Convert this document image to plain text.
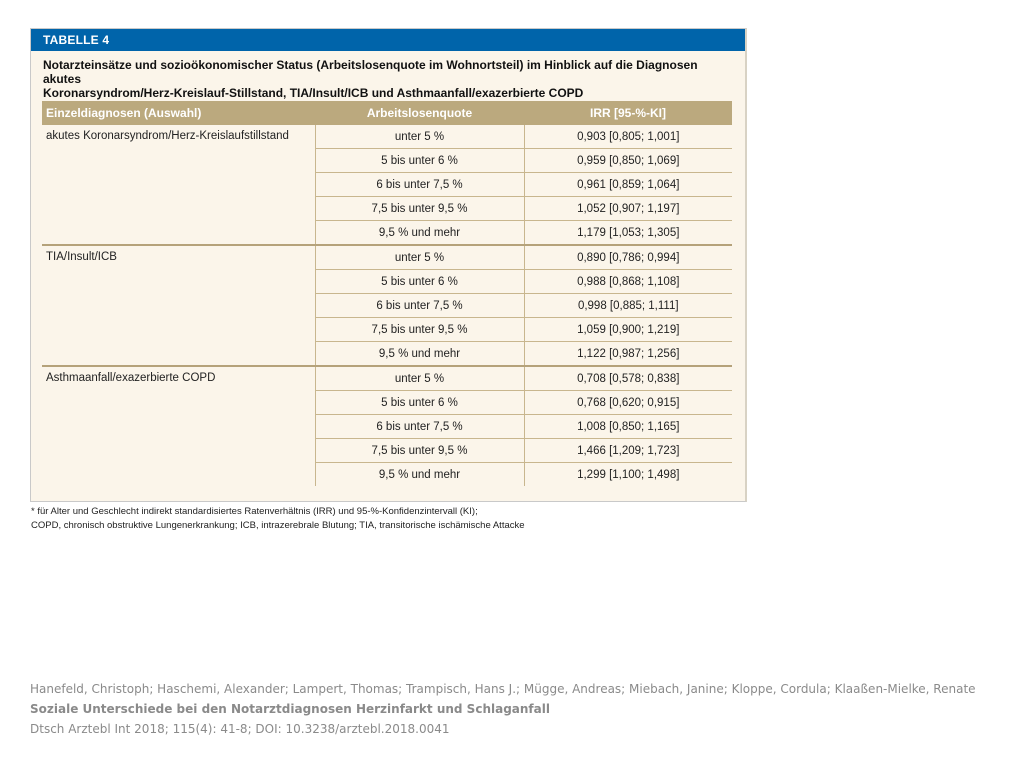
TABELLE 4
Notarzteinsätze und sozioökonomischer Status (Arbeitslosenquote im Wohnortsteil) im Hinblick auf die Diagnosen akutes
Koronarsyndrom/Herz-Kreislauf-Stillstand, TIA/Insult/ICB und Asthmaanfall/exazerbierte COPD
Einzeldiagnosen (Auswahl)	Arbeitslosenquote	IRR [95-%-KI]
akutes Koronarsyndrom/Herz-Kreislaufstillstand	unter 5 %	0,903 [0,805; 1,001]
	5 bis unter 6 %	0,959 [0,850; 1,069]
	6 bis unter 7,5 %	0,961 [0,859; 1,064]
	7,5 bis unter 9,5 %	1,052 [0,907; 1,197]
	9,5 % und mehr	1,179 [1,053; 1,305]
TIA/Insult/ICB	unter 5 %	0,890 [0,786; 0,994]
	5 bis unter 6 %	0,988 [0,868; 1,108]
	6 bis unter 7,5 %	0,998 [0,885; 1,111]
	7,5 bis unter 9,5 %	1,059 [0,900; 1,219]
	9,5 % und mehr	1,122 [0,987; 1,256]
Asthmaanfall/exazerbierte COPD	unter 5 %	0,708 [0,578; 0,838]
	5 bis unter 6 %	0,768 [0,620; 0,915]
	6 bis unter 7,5 %	1,008 [0,850; 1,165]
	7,5 bis unter 9,5 %	1,466 [1,209; 1,723]
	9,5 % und mehr	1,299 [1,100; 1,498]
* für Alter und Geschlecht indirekt standardisiertes Ratenverhältnis (IRR) und 95-%-Konfidenzintervall (KI);
COPD, chronisch obstruktive Lungenerkrankung; ICB, intrazerebrale Blutung; TIA, transitorische ischämische Attacke
Hanefeld, Christoph; Haschemi, Alexander; Lampert, Thomas; Trampisch, Hans J.; Mügge, Andreas; Miebach, Janine; Kloppe, Cordula; Klaaßen-Mielke, Renate
Soziale Unterschiede bei den Notarztdiagnosen Herzinfarkt und Schlaganfall
Dtsch Arztebl Int 2018; 115(4): 41-8; DOI: 10.3238/arztebl.2018.0041
